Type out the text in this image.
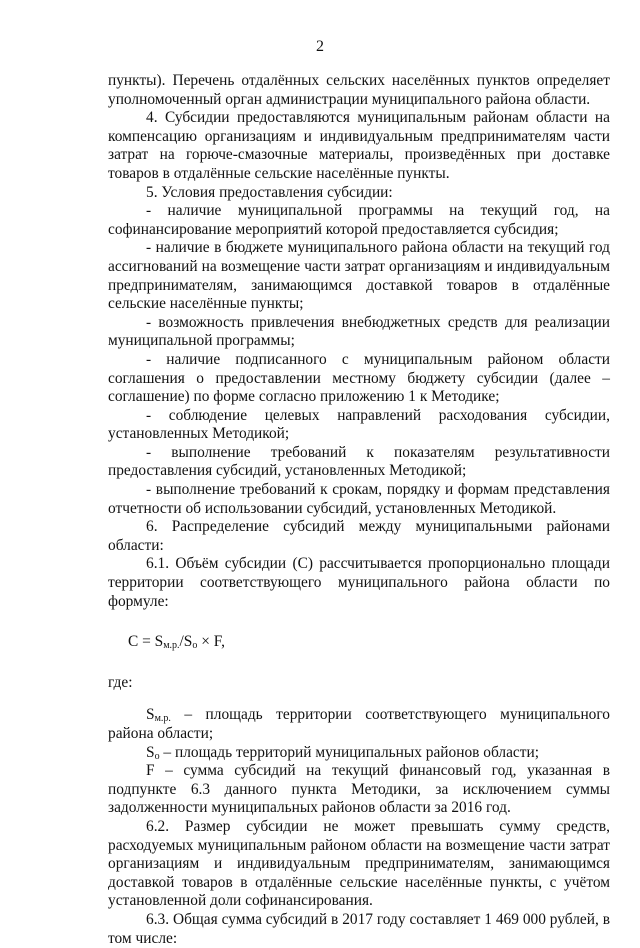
2

пункты). Перечень отдалённых сельских населённых пунктов определяет уполномоченный орган администрации муниципального района области.

4. Субсидии предоставляются муниципальным районам области на компенсацию организациям и индивидуальным предпринимателям части затрат на горюче-смазочные материалы, произведённых при доставке товаров в отдалённые сельские населённые пункты.

5. Условия предоставления субсидии:

- наличие муниципальной программы на текущий год, на софинансирование мероприятий которой предоставляется субсидия;

- наличие в бюджете муниципального района области на текущий год ассигнований на возмещение части затрат организациям и индивидуальным предпринимателям, занимающимся доставкой товаров в отдалённые сельские населённые пункты;

- возможность привлечения внебюджетных средств для реализации муниципальной программы;

- наличие подписанного с муниципальным районом области соглашения о предоставлении местному бюджету субсидии (далее – соглашение) по форме согласно приложению 1 к Методике;

- соблюдение целевых направлений расходования субсидии, установленных Методикой;

- выполнение требований к показателям результативности предоставления субсидий, установленных Методикой;

- выполнение требований к срокам, порядку и формам представления отчетности об использовании субсидий, установленных Методикой.

6. Распределение субсидий между муниципальными районами области:

6.1. Объём субсидии (С) рассчитывается пропорционально площади территории соответствующего муниципального района области по формуле:

$С = S_{м.р.}/S_о \times F$,

где:

$S_{м.р.}$ – площадь территории соответствующего муниципального района области;

$S_о$ – площадь территорий муниципальных районов области;

F – сумма субсидий на текущий финансовый год, указанная в подпункте 6.3 данного пункта Методики, за исключением суммы задолженности муниципальных районов области за 2016 год.

6.2. Размер субсидии не может превышать сумму средств, расходуемых муниципальным районом области на возмещение части затрат организациям и индивидуальным предпринимателям, занимающимся доставкой товаров в отдалённые сельские населённые пункты, с учётом установленной доли софинансирования.

6.3. Общая сумма субсидий в 2017 году составляет 1 469 000 рублей, в том числе:
